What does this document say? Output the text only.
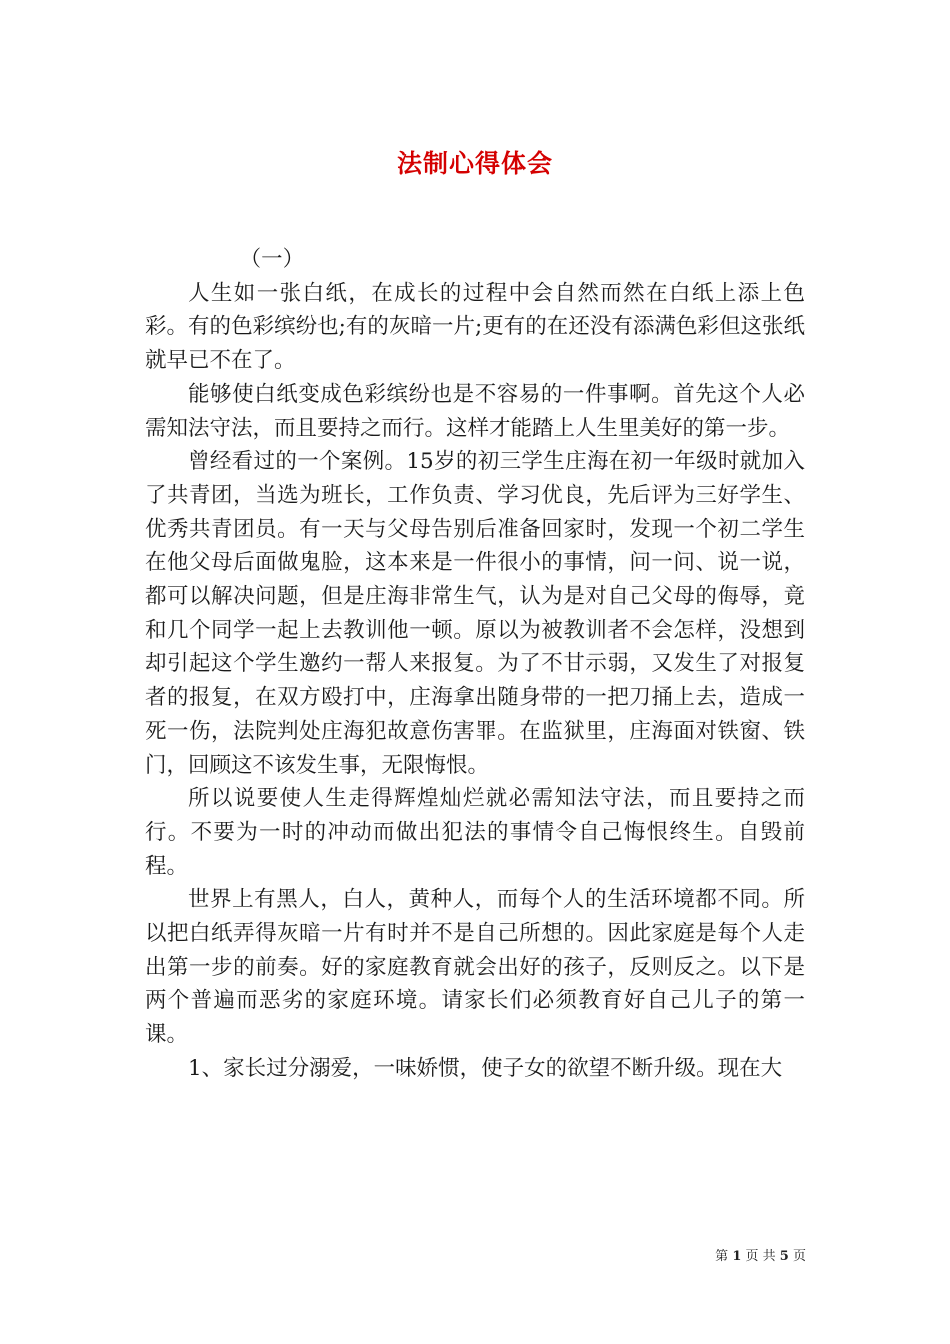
法制心得体会

（一）

人生如一张白纸，在成长的过程中会自然而然在白纸上添上色彩。有的色彩缤纷也;有的灰暗一片;更有的在还没有添满色彩但这张纸就早已不在了。

能够使白纸变成色彩缤纷也是不容易的一件事啊。首先这个人必需知法守法，而且要持之而行。这样才能踏上人生里美好的第一步。

曾经看过的一个案例。15岁的初三学生庄海在初一年级时就加入了共青团，当选为班长，工作负责、学习优良，先后评为三好学生、优秀共青团员。有一天与父母告别后准备回家时，发现一个初二学生在他父母后面做鬼脸，这本来是一件很小的事情，问一问、说一说，都可以解决问题，但是庄海非常生气，认为是对自己父母的侮辱，竟和几个同学一起上去教训他一顿。原以为被教训者不会怎样，没想到却引起这个学生邀约一帮人来报复。为了不甘示弱，又发生了对报复者的报复，在双方殴打中，庄海拿出随身带的一把刀捅上去，造成一死一伤，法院判处庄海犯故意伤害罪。在监狱里，庄海面对铁窗、铁门，回顾这不该发生事，无限悔恨。

所以说要使人生走得辉煌灿烂就必需知法守法，而且要持之而行。不要为一时的冲动而做出犯法的事情令自己悔恨终生。自毁前程。

世界上有黑人，白人，黄种人，而每个人的生活环境都不同。所以把白纸弄得灰暗一片有时并不是自己所想的。因此家庭是每个人走出第一步的前奏。好的家庭教育就会出好的孩子，反则反之。以下是两个普遍而恶劣的家庭环境。请家长们必须教育好自己儿子的第一课。

1、家长过分溺爱，一味娇惯，使子女的欲望不断升级。现在大

第 1 页 共 5 页
